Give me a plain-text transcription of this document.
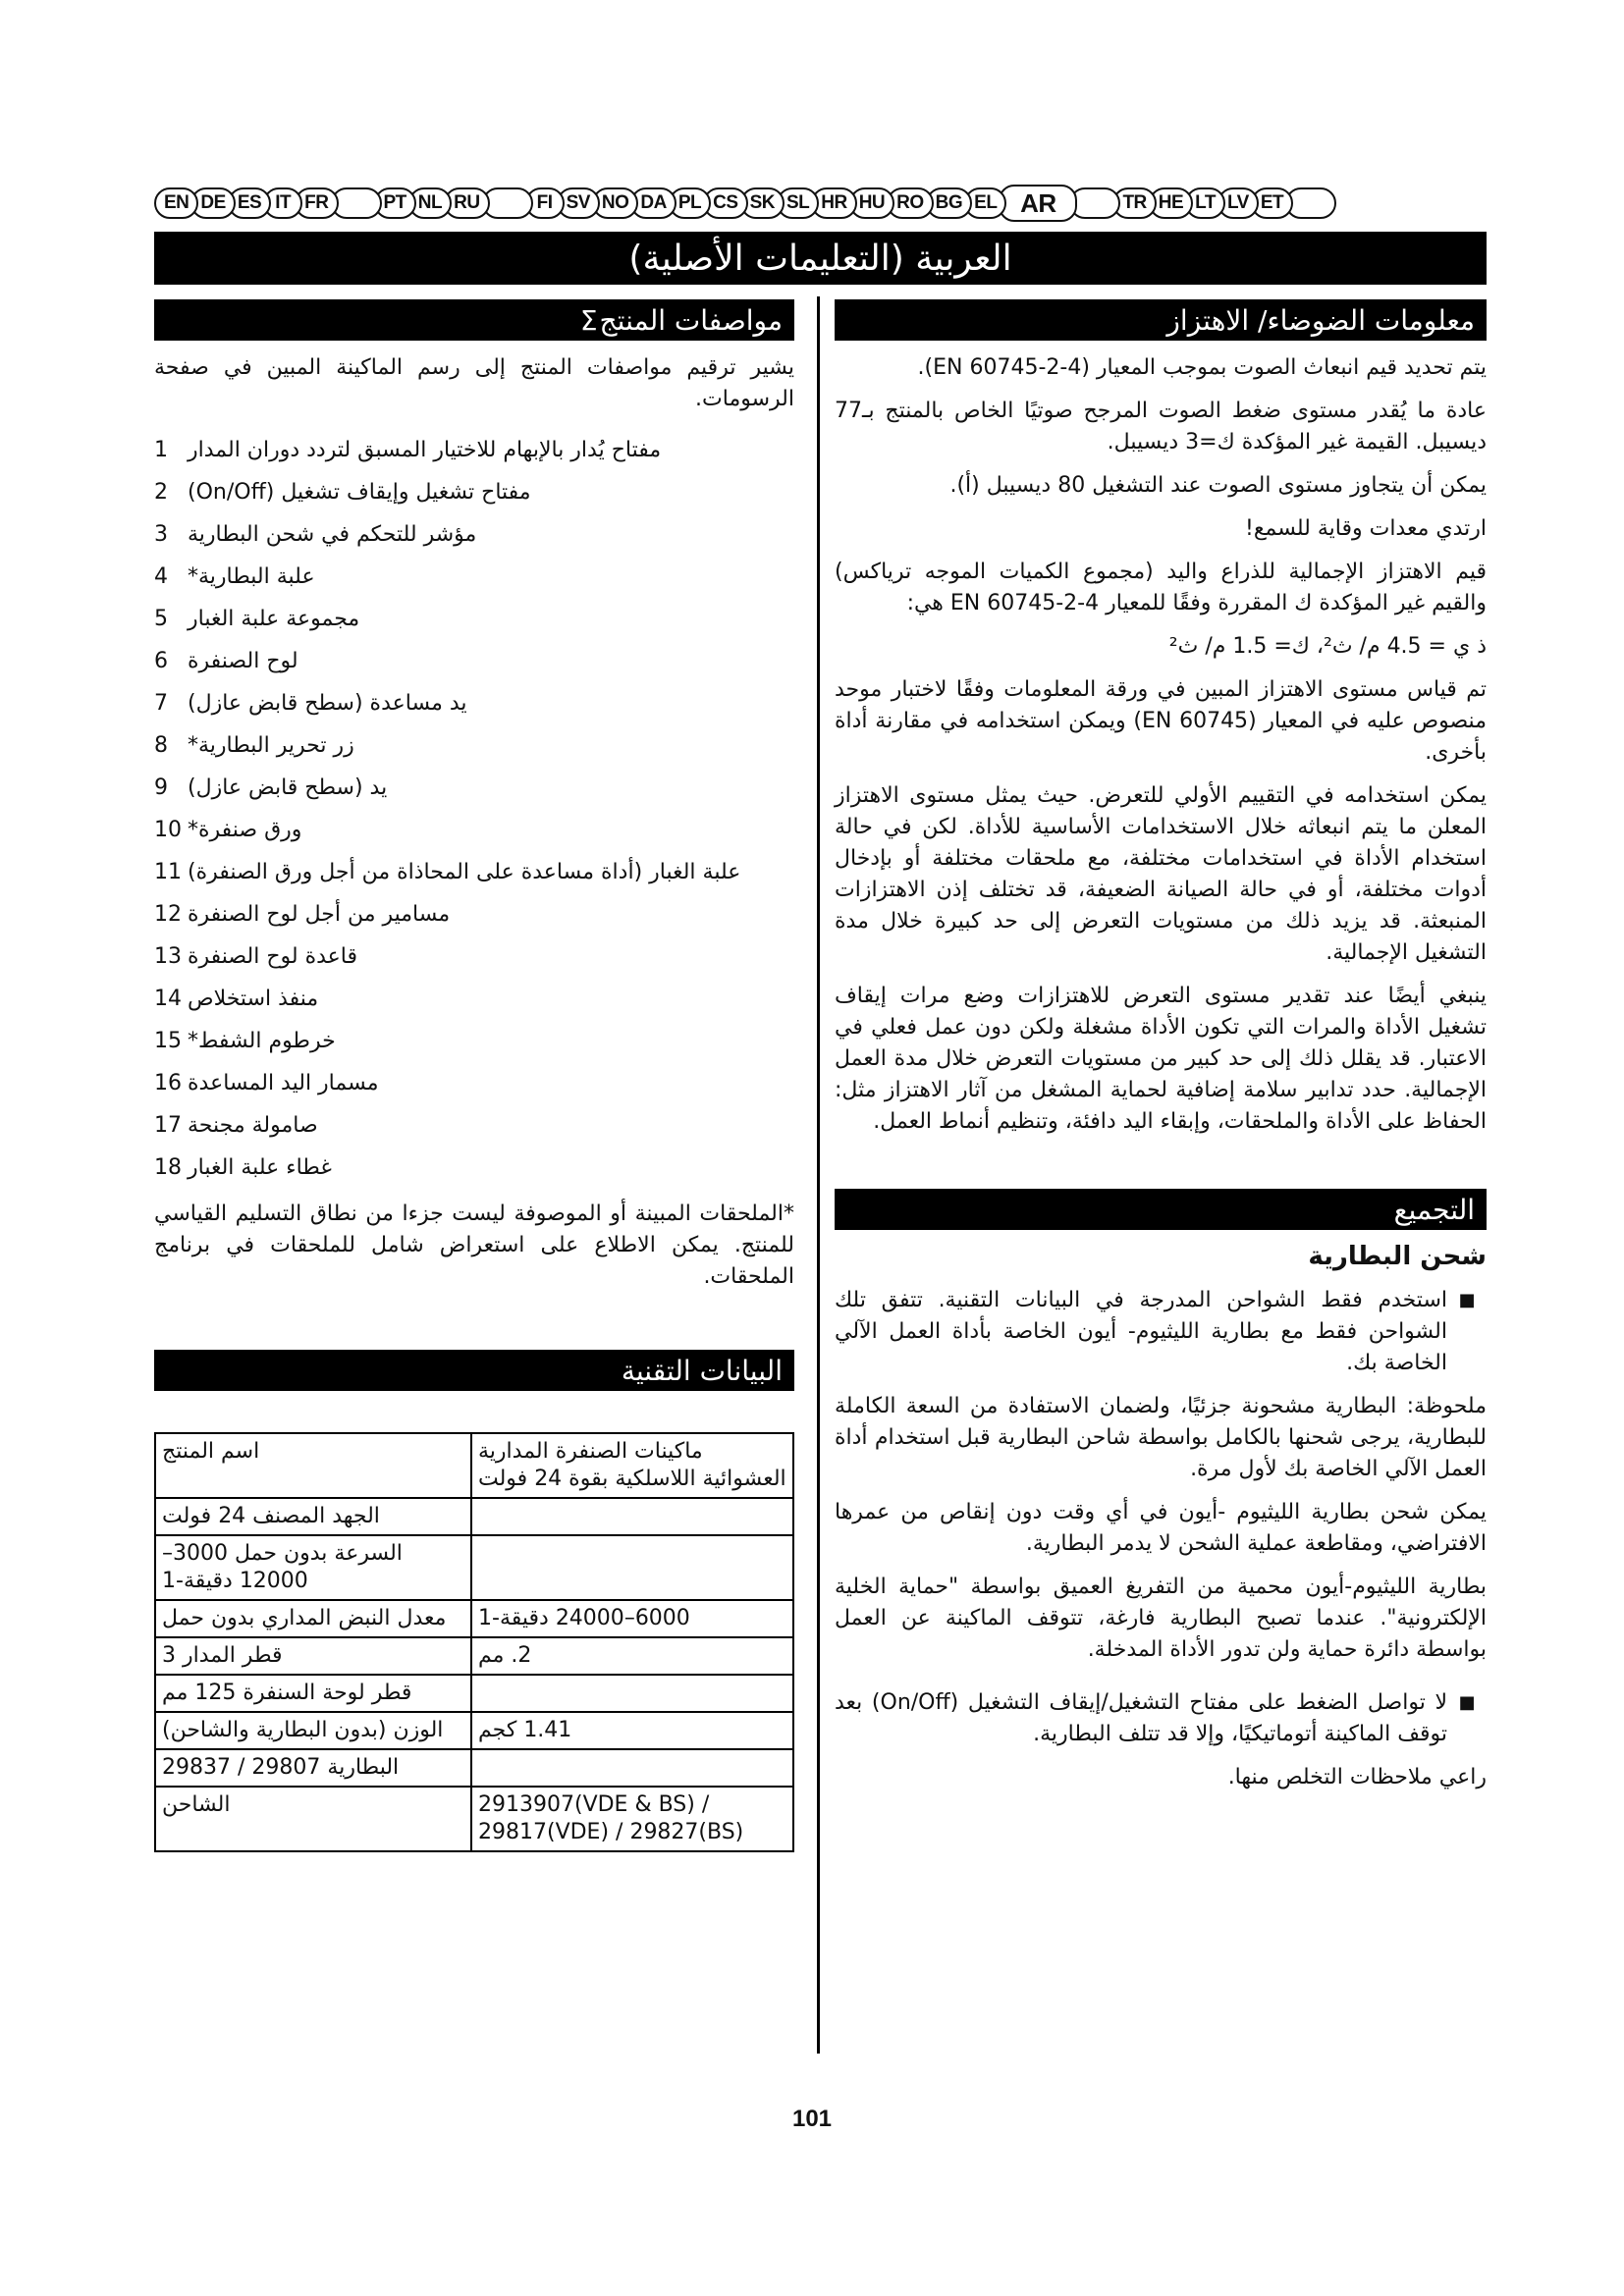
EN DE ES IT FR	PT NL RU	FI SV NO DA PL CS SK SL HR HU RO BG EL AR	TR HE LT LV ET
العربية (التعليمات الأصلية)
مواصفات المنتج
Σ

يشير ترقيم مواصفات المنتج إلى رسم الماكينة المبين في صفحة الرسومات.

1 مفتاح يُدار بالإبهام للاختيار المسبق لتردد دوران المدار
2 مفتاح تشغيل وإيقاف تشغيل (On/Off)
3 مؤشر للتحكم في شحن البطارية
4 علبة البطارية*
5 مجموعة علبة الغبار
6 لوح الصنفرة
7 يد مساعدة (سطح قابض عازل)
8 زر تحرير البطارية*
9 يد (سطح قابض عازل)
10 ورق صنفرة*
11 علبة الغبار (أداة مساعدة على المحاذاة من أجل ورق الصنفرة)
12 مسامير من أجل لوح الصنفرة
13 قاعدة لوح الصنفرة
14 منفذ استخلاص
15 خرطوم الشفط*
16 مسمار اليد المساعدة
17 صامولة مجنحة
18 غطاء علبة الغبار

*الملحقات المبينة أو الموصوفة ليست جزءا من نطاق التسليم القياسي للمنتج. يمكن الاطلاع على استعراض شامل للملحقات في برنامج الملحقات.

البيانات التقنية
اسم المنتج	ماكينات الصنفرة المدارية العشوائية اللاسلكية بقوة 24 فولت
الجهد المصنف 24 فولت	
السرعة بدون حمل 3000–12000 دقيقة-1	
معدل النبض المداري بدون حمل	6000–24000 دقيقة-1
قطر المدار 3	2. مم
قطر لوحة السنفرة 125 مم	
الوزن (بدون البطارية والشاحن)	1.41 كجم
البطارية 29807 / 29837	
الشاحن	2913907(VDE & BS) / 29817(VDE) / 29827(BS)
معلومات الضوضاء/ الاهتزاز

يتم تحديد قيم انبعاث الصوت بموجب المعيار (EN 60745-2-4).

عادة ما يُقدر مستوى ضغط الصوت المرجح صوتيًا الخاص بالمنتج بـ77 ديسيبل. القيمة غير المؤكدة ك=3 ديسيبل.

يمكن أن يتجاوز مستوى الصوت عند التشغيل 80 ديسيبل (أ).

ارتدي معدات وقاية للسمع!

قيم الاهتزاز الإجمالية للذراع واليد (مجموع الكميات الموجه ترياكس) والقيم غير المؤكدة ك المقررة وفقًا للمعيار EN 60745-2-4 هي:

ذ ي = 4.5 م/ ث²، ك= 1.5 م/ ث²

تم قياس مستوى الاهتزاز المبين في ورقة المعلومات وفقًا لاختبار موحد منصوص عليه في المعيار (EN 60745) ويمكن استخدامه في مقارنة أداة بأخرى.

يمكن استخدامه في التقييم الأولي للتعرض. حيث يمثل مستوى الاهتزاز المعلن ما يتم انبعاثه خلال الاستخدامات الأساسية للأداة. لكن في حالة استخدام الأداة في استخدامات مختلفة، مع ملحقات مختلفة أو بإدخال أدوات مختلفة، أو في حالة الصيانة الضعيفة، قد تختلف إذن الاهتزازات المنبعثة. قد يزيد ذلك من مستويات التعرض إلى حد كبيرة خلال مدة التشغيل الإجمالية.

ينبغي أيضًا عند تقدير مستوى التعرض للاهتزازات وضع مرات إيقاف تشغيل الأداة والمرات التي تكون الأداة مشغلة ولكن دون عمل فعلي في الاعتبار. قد يقلل ذلك إلى حد كبير من مستويات التعرض خلال مدة العمل الإجمالية. حدد تدابير سلامة إضافية لحماية المشغل من آثار الاهتزاز مثل: الحفاظ على الأداة والملحقات، وإبقاء اليد دافئة، وتنظيم أنماط العمل.

التجميع
شحن البطارية
■
استخدم فقط الشواحن المدرجة في البيانات التقنية. تتفق تلك الشواحن فقط مع بطارية الليثيوم- أيون الخاصة بأداة العمل الآلي الخاصة بك.

ملحوظة: البطارية مشحونة جزئيًا، ولضمان الاستفادة من السعة الكاملة للبطارية، يرجى شحنها بالكامل بواسطة شاحن البطارية قبل استخدام أداة العمل الآلي الخاصة بك لأول مرة.

يمكن شحن بطارية الليثيوم -أيون في أي وقت دون إنقاص من عمرها الافتراضي، ومقاطعة عملية الشحن لا يدمر البطارية.

بطارية الليثيوم-أيون محمية من التفريغ العميق بواسطة "حماية الخلية الإلكترونية". عندما تصبح البطارية فارغة، تتوقف الماكينة عن العمل بواسطة دائرة حماية ولن تدور الأداة المدخلة.

■
لا تواصل الضغط على مفتاح التشغيل/إيقاف التشغيل (On/Off) بعد توقف الماكينة أتوماتيكيًا، وإلا قد تتلف البطارية.

راعي ملاحظات التخلص منها.

101
